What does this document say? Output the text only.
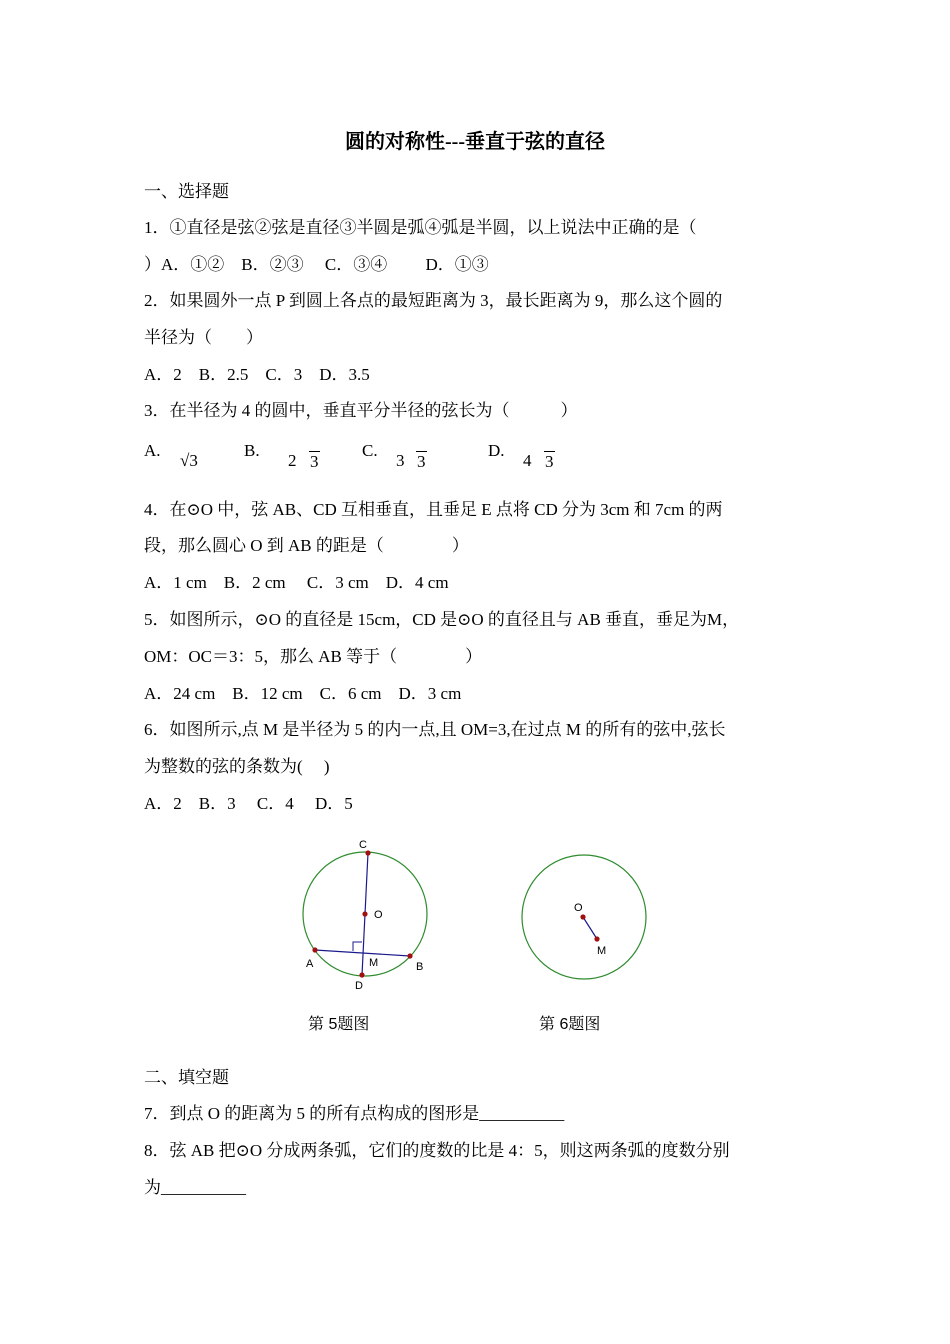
圆的对称性---垂直于弦的直径
一、选择题
1．①直径是弦②弦是直径③半圆是弧④弧是半圆，以上说法中正确的是（
）A．①②　B．②③　 C．③④　　 D．①③
2．如果圆外一点 P 到圆上各点的最短距离为 3，最长距离为 9，那么这个圆的
半径为（　　）
A．2　B．2.5　C．3　D．3.5
3．在半径为 4 的圆中，垂直平分半径的弦长为（　　　）
A.
√3
B.
2 3
C.
3 3
D.
4 3
4．在⊙O 中，弦 AB、CD 互相垂直，且垂足 E 点将 CD 分为 3cm 和 7cm 的两
段，那么圆心 O 到 AB 的距是（　　　　）
A．1 cm　B．2 cm　 C．3 cm　D．4 cm
5．如图所示，⊙O 的直径是 15cm，CD 是⊙O 的直径且与 AB 垂直，垂足为M，
OM：OC＝3：5，那么 AB 等于（　　　　）
A．24 cm　B．12 cm　C．6 cm　D．3 cm
6．如图所示,点 M 是半径为 5 的内一点,且 OM=3,在过点 M 的所有的弦中,弦长
为整数的弦的条数为(　 )
A．2　B．3　 C．4　 D．5
C
O
A	M	B
D
第 5题图
O
M
第 6题图
二、填空题
7．到点 O 的距离为 5 的所有点构成的图形是__________
8．弦 AB 把⊙O 分成两条弧，它们的度数的比是 4：5，则这两条弧的度数分别
为__________
